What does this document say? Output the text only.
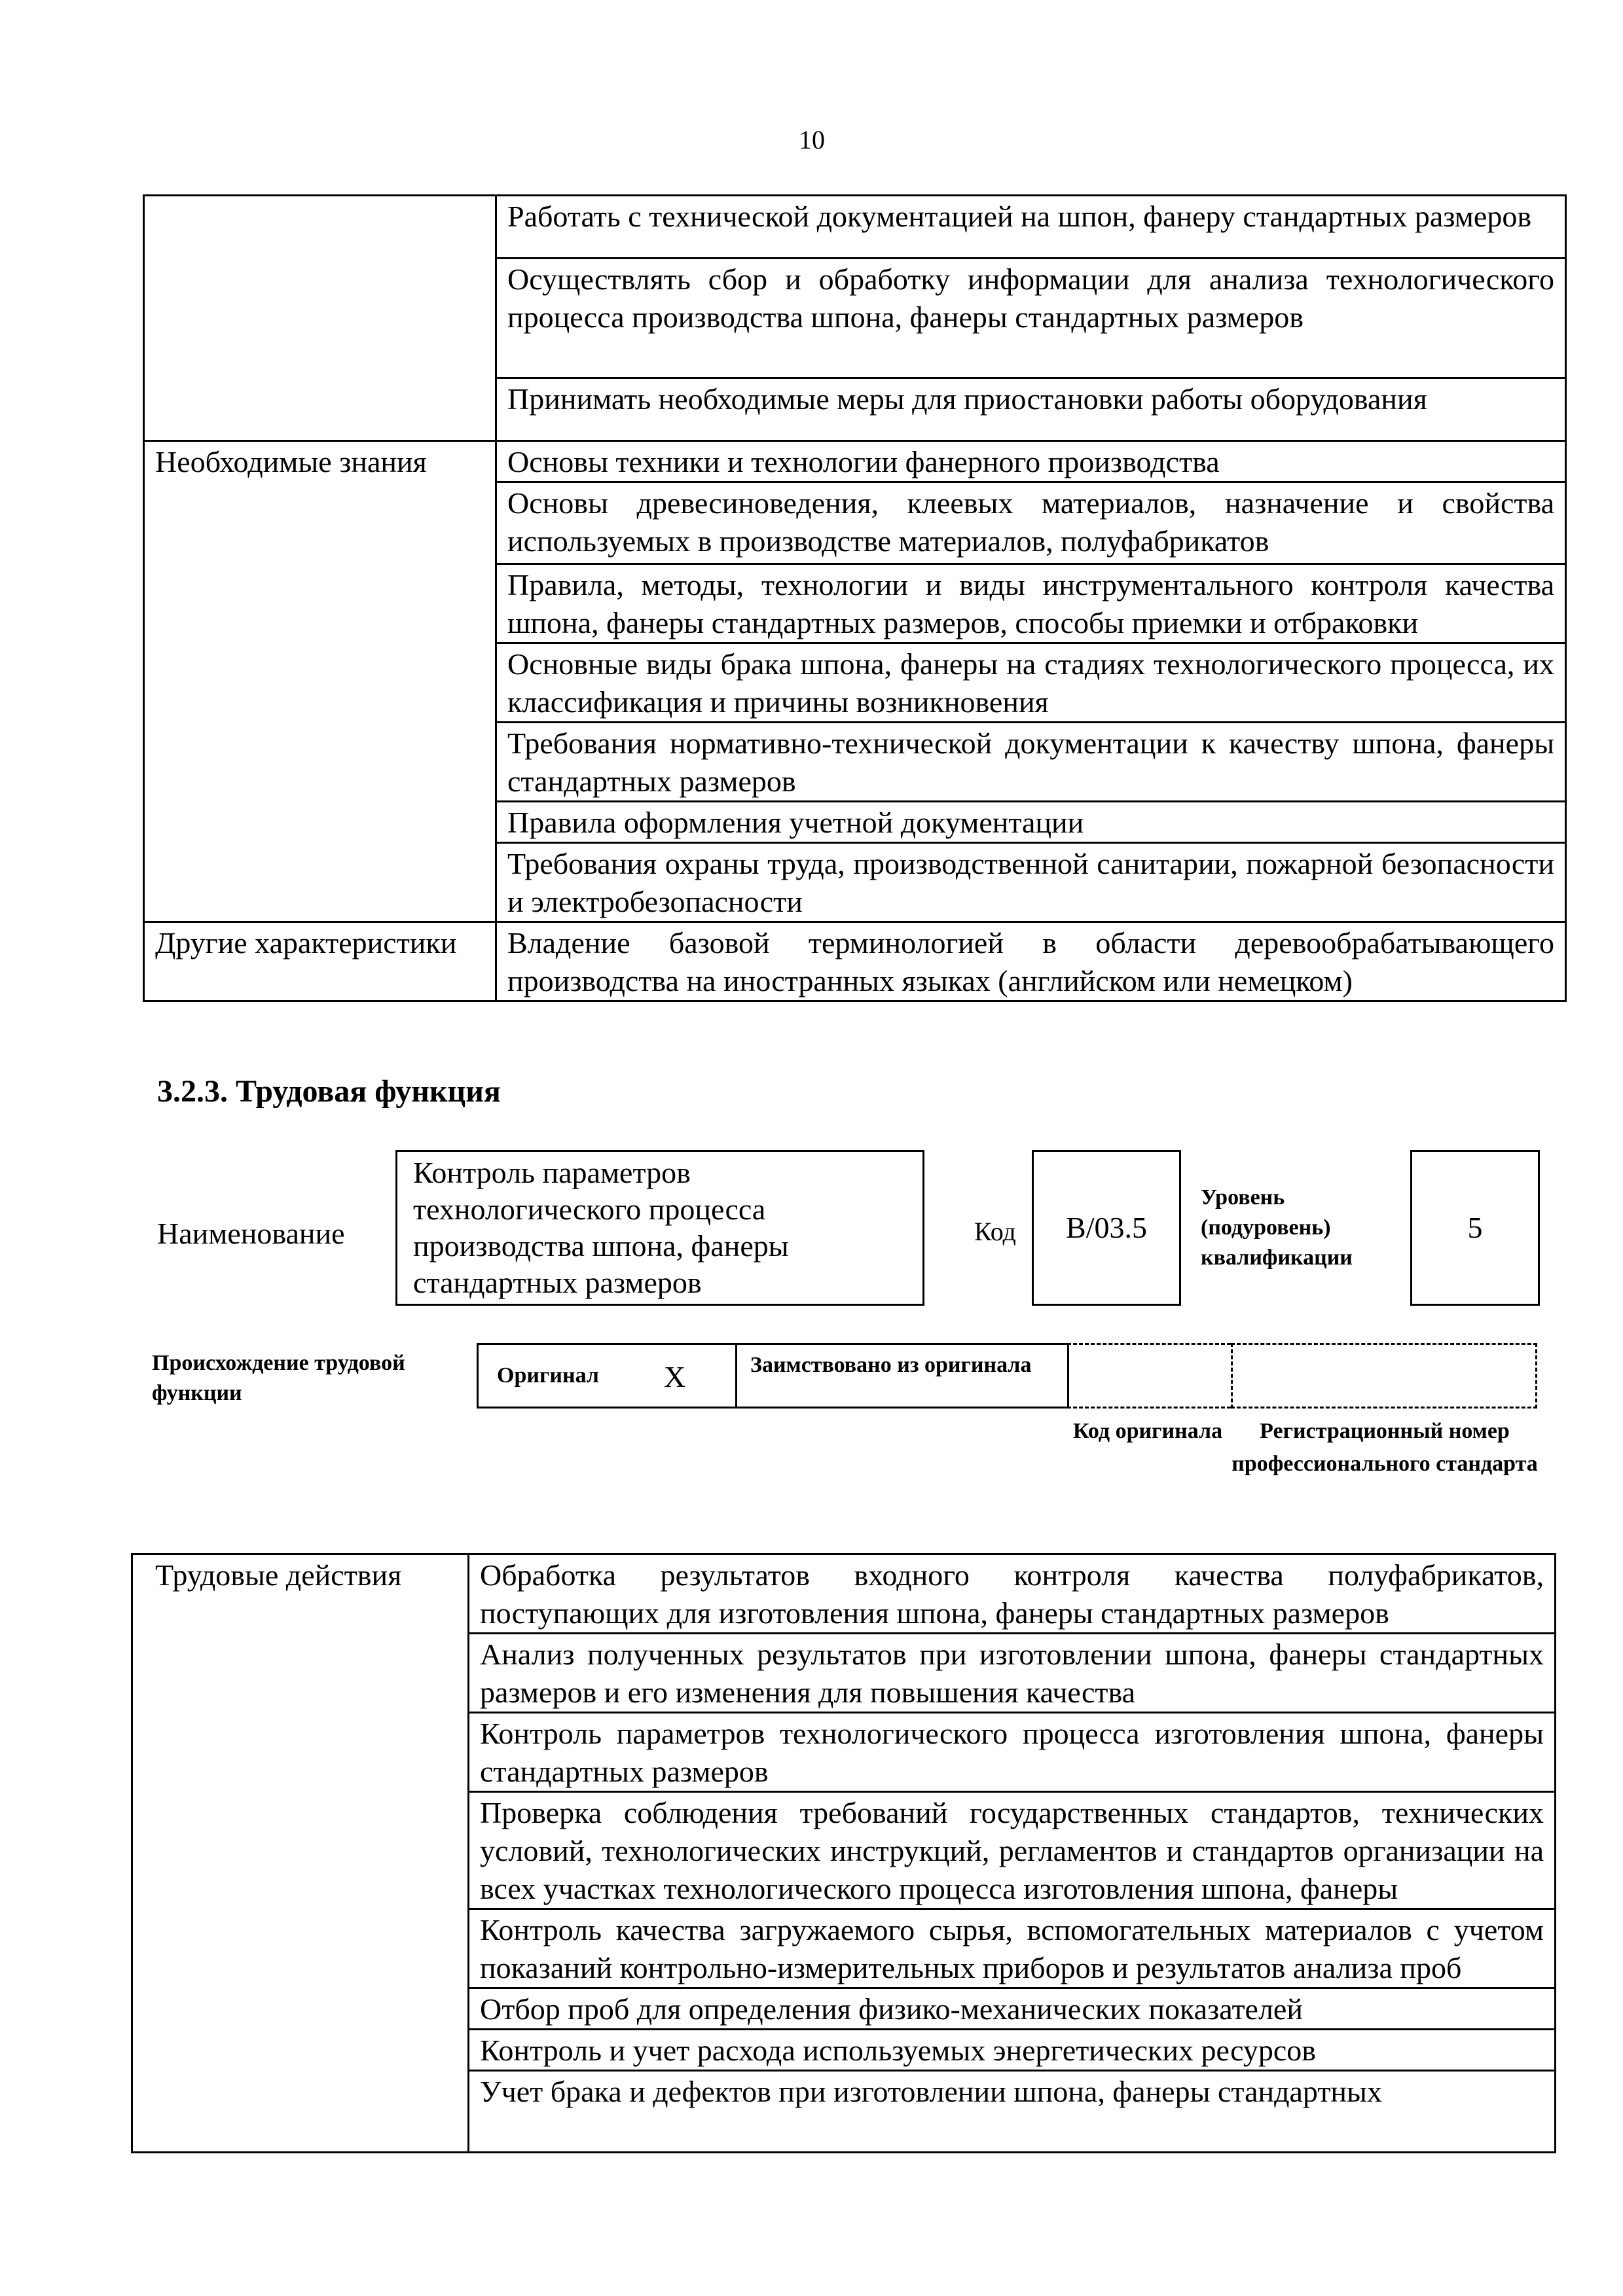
10
	Работать с технической документацией на шпон, фанеру стандартных размеров
	Осуществлять сбор и обработку информации для анализа технологического процесса производства шпона, фанеры стандартных размеров
	Принимать необходимые меры для приостановки работы оборудования
Необходимые знания	Основы техники и технологии фанерного производства
	Основы древесиноведения, клеевых материалов, назначение и свойства используемых в производстве материалов, полуфабрикатов
	Правила, методы, технологии и виды инструментального контроля качества шпона, фанеры стандартных размеров, способы приемки и отбраковки
	Основные виды брака шпона, фанеры на стадиях технологического процесса, их классификация и причины возникновения
	Требования нормативно-технической документации к качеству шпона, фанеры стандартных размеров
	Правила оформления учетной документации
	Требования охраны труда, производственной санитарии, пожарной безопасности и электробезопасности
Другие характеристики	Владение базовой терминологией в области деревообрабатывающего производства на иностранных языках (английском или немецком)
3.2.3. Трудовая функция
Наименование
Контроль параметров технологического процесса производства шпона, фанеры стандартных размеров
Код	В/03.5
Уровень (подуровень) квалификации
5
Происхождение трудовой функции
Оригинал X	Заимствовано из оригинала
Код оригинала	Регистрационный номер профессионального стандарта
Трудовые действия	Обработка результатов входного контроля качества полуфабрикатов, поступающих для изготовления шпона, фанеры стандартных размеров
Анализ полученных результатов при изготовлении шпона, фанеры стандартных размеров и его изменения для повышения качества
Контроль параметров технологического процесса изготовления шпона, фанеры стандартных размеров
Проверка соблюдения требований государственных стандартов, технических условий, технологических инструкций, регламентов и стандартов организации на всех участках технологического процесса изготовления шпона, фанеры
Контроль качества загружаемого сырья, вспомогательных материалов с учетом показаний контрольно-измерительных приборов и результатов анализа проб
Отбор проб для определения физико-механических показателей
Контроль и учет расхода используемых энергетических ресурсов
Учет брака и дефектов при изготовлении шпона, фанеры стандартных
